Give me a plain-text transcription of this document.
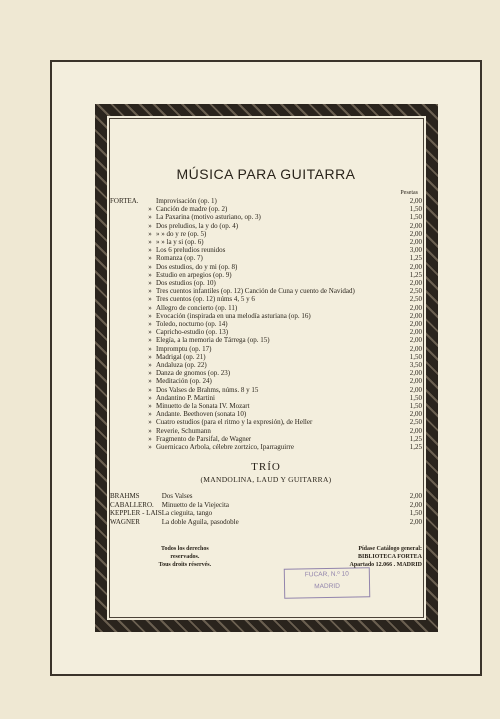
MÚSICA PARA GUITARRA
Pesetas
FORTEA.		Improvisación (op. 1)	2,00
	»	Canción de madre (op. 2)	1,50
	»	La Paxarina (motivo asturiano, op. 3)	1,50
	»	Dos preludios, la y do (op. 4)	2,00
	»	» » do y re (op. 5)	2,00
	»	» » la y si (op. 6)	2,00
	»	Los 6 preludios reunidos	3,00
	»	Romanza (op. 7)	1,25
	»	Dos estudios, do y mi (op. 8)	2,00
	»	Estudio en arpegios (op. 9)	1,25
	»	Dos estudios (op. 10)	2,00
	»	Tres cuentos infantiles (op. 12) Canción de Cuna y cuento de Navidad)	2,50
	»	Tres cuentos (op. 12) núms 4, 5 y 6	2,50
	»	Allegro de concierto (op. 11)	2,00
	»	Evocación (inspirada en una melodía asturiana (op. 16)	2,00
	»	Toledo, nocturno (op. 14)	2,00
	»	Capricho-estudio (op. 13)	2,00
	»	Elegía, a la memoria de Tárrega (op. 15)	2,00
	»	Impromptu (op. 17)	2,00
	»	Madrigal (op. 21)	1,50
	»	Andaluza (op. 22)	3,50
	»	Danza de gnomos (op. 23)	2,00
	»	Meditación (op. 24)	2,00
	»	Dos Valses de Brahms, núms. 8 y 15	2,00
	»	Andantino P. Martini	1,50
	»	Minuetto de la Sonata IV. Mozart	1,50
	»	Andante. Beethoven (sonata 10)	2,00
	»	Cuatro estudios (para el ritmo y la expresión), de Heller	2,50
	»	Reverie, Schumann	2,00
	»	Fragmento de Parsifal, de Wagner	1,25
	»	Guernicaco Arbola, célebre zortzico, Iparraguirre	1,25
TRÍO
(MANDOLINA, LAUD Y GUITARRA)
BRAHMS	Dos Valses	2,00
CABALLERO.	Minuetto de la Viejecita	2,00
KEPPLER - LAIS	La cieguita, tango	1,50
WAGNER	La doble Aguila, pasodoble	2,00
Todos los derechos
reservados.
Tous droits réservés.
Pídase Catálogo general:
BIBLIOTECA FORTEA
Apartado 12.066 . MADRID
FUCAR, N.º 10
MADRID
